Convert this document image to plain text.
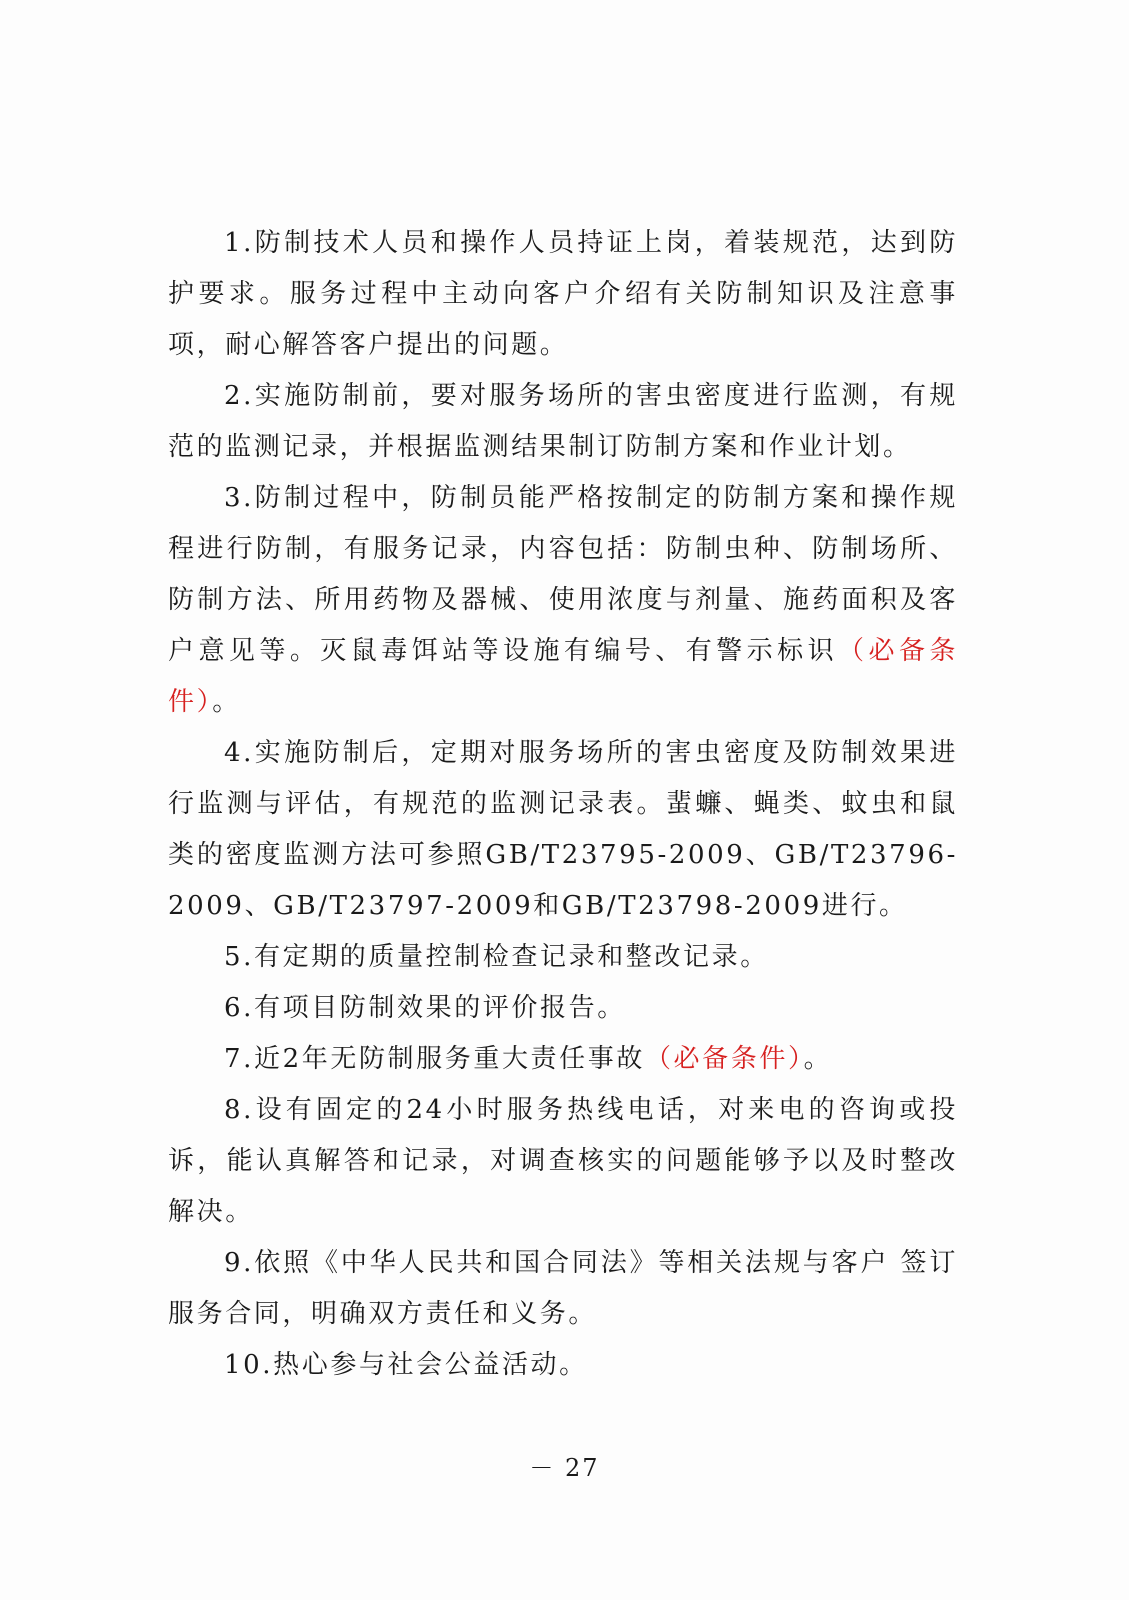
1.防制技术人员和操作人员持证上岗，着装规范，达到防护要求。服务过程中主动向客户介绍有关防制知识及注意事项，耐心解答客户提出的问题。

2.实施防制前，要对服务场所的害虫密度进行监测，有规范的监测记录，并根据监测结果制订防制方案和作业计划。

3.防制过程中，防制员能严格按制定的防制方案和操作规程进行防制，有服务记录，内容包括：防制虫种、防制场所、防制方法、所用药物及器械、使用浓度与剂量、施药面积及客户意见等。灭鼠毒饵站等设施有编号、有警示标识（必备条件）。

4.实施防制后，定期对服务场所的害虫密度及防制效果进行监测与评估，有规范的监测记录表。蜚蠊、蝇类、蚊虫和鼠类的密度监测方法可参照GB/T23795-2009、GB/T23796-2009、GB/T23797-2009和GB/T23798-2009进行。

5.有定期的质量控制检查记录和整改记录。

6.有项目防制效果的评价报告。

7.近2年无防制服务重大责任事故（必备条件）。

8.设有固定的24小时服务热线电话，对来电的咨询或投诉，能认真解答和记录，对调查核实的问题能够予以及时整改解决。

9.依照《中华人民共和国合同法》等相关法规与客户 签订服务合同，明确双方责任和义务。

10.热心参与社会公益活动。

－ 27
